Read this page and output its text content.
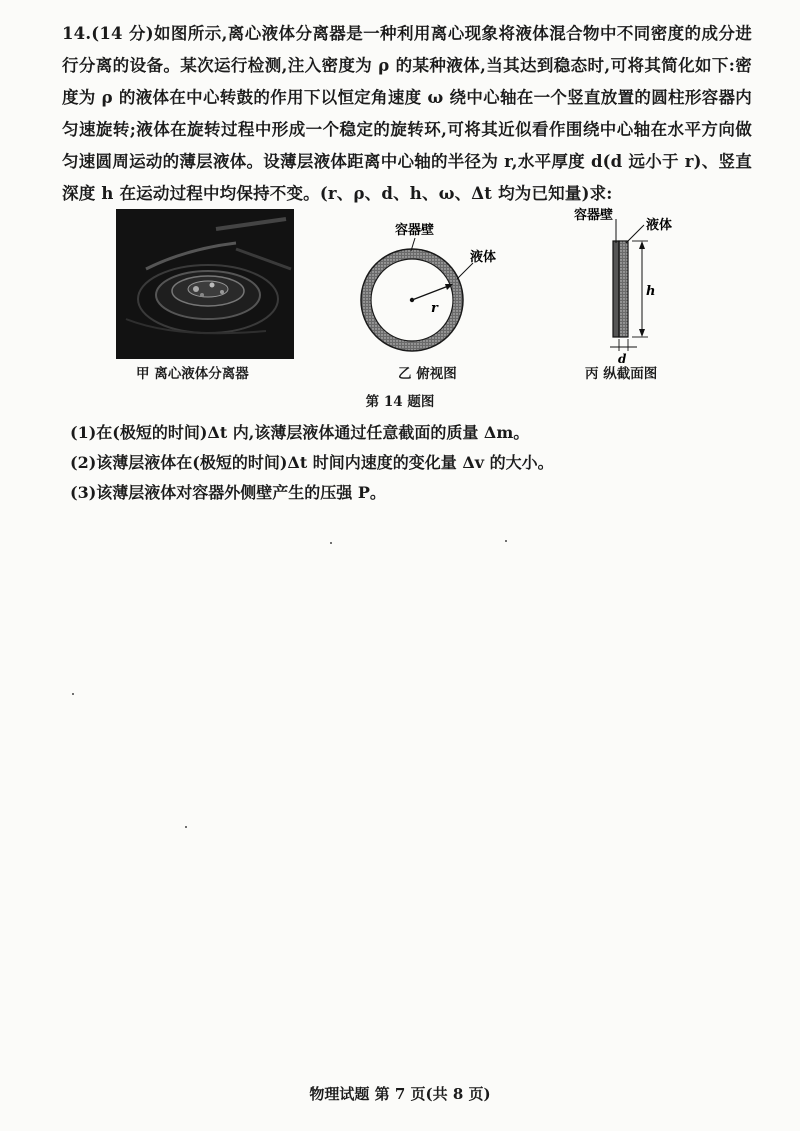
14.(14 分)如图所示,离心液体分离器是一种利用离心现象将液体混合物中不同密度的成分进行分离的设备。某次运行检测,注入密度为 ρ 的某种液体,当其达到稳态时,可将其简化如下:密度为 ρ 的液体在中心转鼓的作用下以恒定角速度 ω 绕中心轴在一个竖直放置的圆柱形容器内匀速旋转;液体在旋转过程中形成一个稳定的旋转环,可将其近似看作围绕中心轴在水平方向做匀速圆周运动的薄层液体。设薄层液体距离中心轴的半径为 r,水平厚度 d(d 远小于 r)、竖直深度 h 在运动过程中均保持不变。(r、ρ、d、h、ω、Δt 均为已知量)求:
甲 离心液体分离器
r
容器壁
液体
乙 俯视图
容器壁
液体
h
d
丙 纵截面图
第 14 题图
(1)在(极短的时间)Δt 内,该薄层液体通过任意截面的质量 Δm。
(2)该薄层液体在(极短的时间)Δt 时间内速度的变化量 Δv 的大小。
(3)该薄层液体对容器外侧壁产生的压强 P。
物理试题 第 7 页(共 8 页)
